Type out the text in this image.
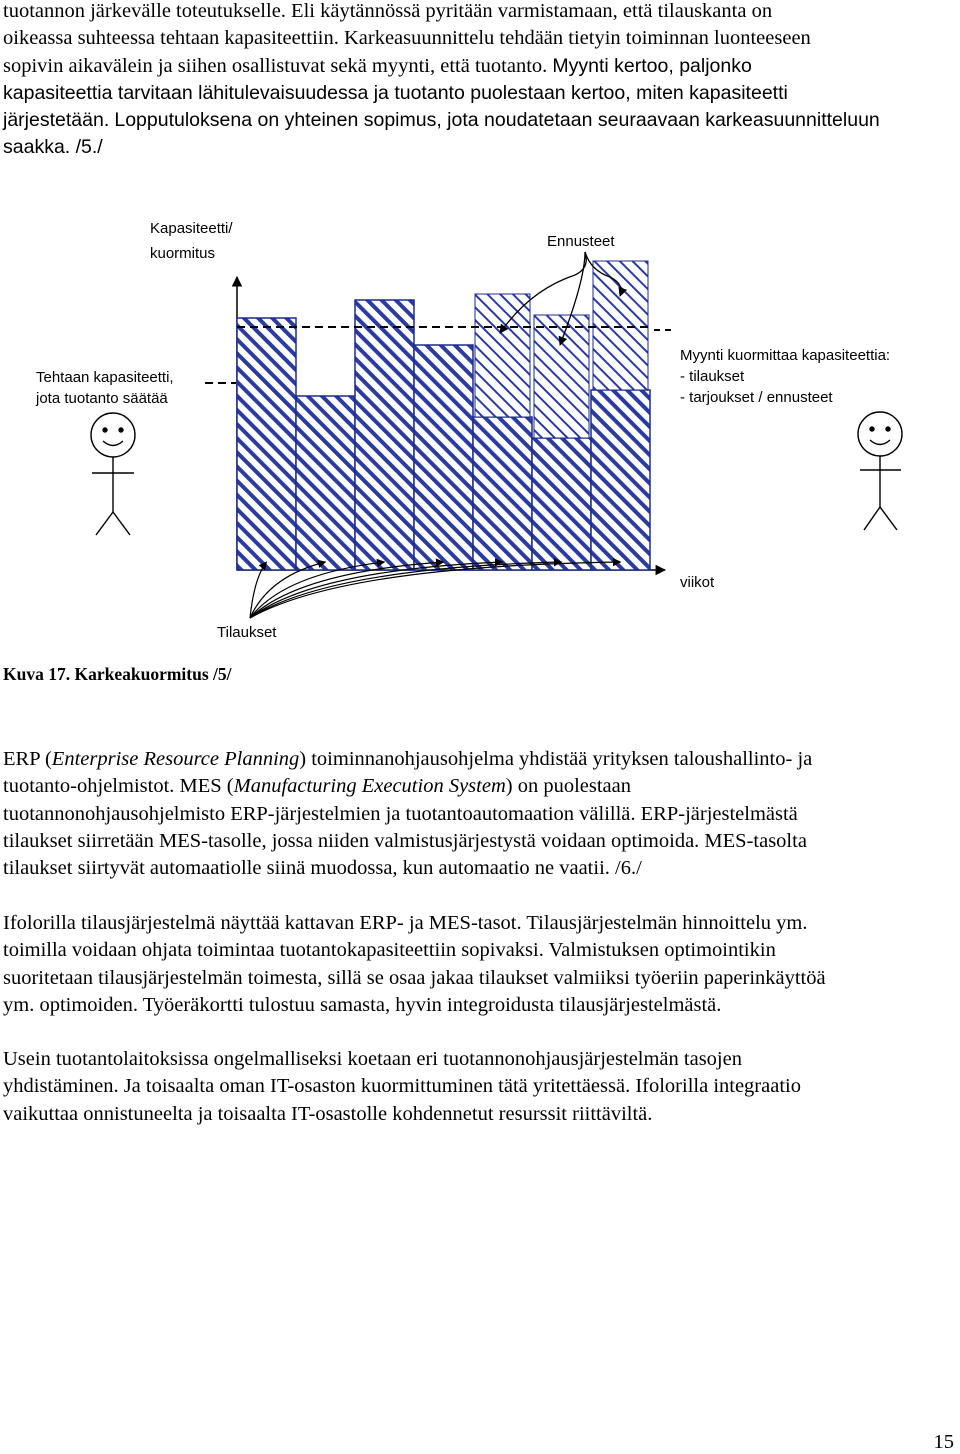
tuotannon järkevälle toteutukselle. Eli käytännössä pyritään varmistamaan, että tilauskanta on
oikeassa suhteessa tehtaan kapasiteettiin. Karkeasuunnittelu tehdään tietyin toiminnan luonteeseen
sopivin aikavälein ja siihen osallistuvat sekä myynti, että tuotanto. Myynti kertoo, paljonko
kapasiteettia tarvitaan lähitulevaisuudessa ja tuotanto puolestaan kertoo, miten kapasiteetti
järjestetään. Lopputuloksena on yhteinen sopimus, jota noudatetaan seuraavaan karkeasuunnitteluun
saakka. /5./
Kapasiteetti/
kuormitus
viikot
Ennusteet
Tehtaan kapasiteetti,
jota tuotanto säätää
Myynti kuormittaa kapasiteettia:
- tilaukset
- tarjoukset / ennusteet
Tilaukset

Kuva 17. Karkeakuormitus /5/

ERP (Enterprise Resource Planning) toiminnanohjausohjelma yhdistää yrityksen taloushallinto- ja
tuotanto-ohjelmistot. MES (Manufacturing Execution System) on puolestaan
tuotannonohjausohjelmisto ERP-järjestelmien ja tuotantoautomaation välillä. ERP-järjestelmästä
tilaukset siirretään MES-tasolle, jossa niiden valmistusjärjestystä voidaan optimoida. MES-tasolta
tilaukset siirtyvät automaatiolle siinä muodossa, kun automaatio ne vaatii. /6./
Ifolorilla tilausjärjestelmä näyttää kattavan ERP- ja MES-tasot. Tilausjärjestelmän hinnoittelu ym.
toimilla voidaan ohjata toimintaa tuotantokapasiteettiin sopivaksi. Valmistuksen optimointikin
suoritetaan tilausjärjestelmän toimesta, sillä se osaa jakaa tilaukset valmiiksi työeriin paperinkäyttöä
ym. optimoiden. Työeräkortti tulostuu samasta, hyvin integroidusta tilausjärjestelmästä.
Usein tuotantolaitoksissa ongelmalliseksi koetaan eri tuotannonohjausjärjestelmän tasojen
yhdistäminen. Ja toisaalta oman IT-osaston kuormittuminen tätä yritettäessä. Ifolorilla integraatio
vaikuttaa onnistuneelta ja toisaalta IT-osastolle kohdennetut resurssit riittäviltä.
15
